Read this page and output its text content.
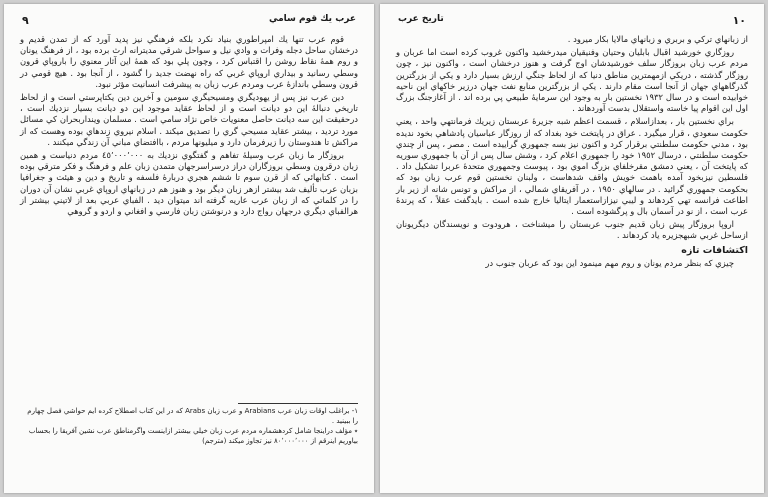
٩	عرب يك قوم سامي

قوم عرب تنها يك امپراطوري بنياد نكرد بلكه فرهنگي نيز پديد آورد كه از تمدن قديم و درخشان ساحل دجله وفرات و وادي نيل و سواحل شرقي مديترانه ارث برده بود ، از فرهنگ يونان و روم همهٔ نقاط روشن را اقتباس كرد ، وچون پلي بود كه همهٔ اين آثار معنوي را باروپاي قرون وسطي رسانيد و بيداري اروپاي غربي كه راه نهضت جديد را گشود ، از آنجا بود . هيچ قومي در قرون وسطي باندازهٔ عرب ومردم عرب زبان به پيشرفت انسانيت مؤثر نبود.

دين عرب نيز پس از يهوديگري ومسيحيگري سومين و آخرين دين يكتاپرستي است و از لحاظ تاريخي دنبالهٔ اين دو ديانت است و از لحاظ عقايد موجود اين دو ديانت بسيار نزديك است ، درحقيقت اين سه ديانت حاصل معنويات خاص نژاد سامي است . مسلمان وينداربحران كي مسائل مورد ترديد ، بيشتر عقايد مسيحي گري را تصديق ميكند . اسلام نيروي زندهاي بوده وهست كه از مراكش تا هندوستان را زيرفرمان دارد و ميليونها مردم ، باافتضاي مباني آن زندگي ميكنند .

بروزگار ما زبان عرب وسيلهٔ تفاهم و گفتگوي نزديك به ٤٥٬٠٠٠٬٠٠٠ مردم دنياست و همين زبان درقرون وسطي بروزگاران دراز درسراسرجهان متمدن زبان علم و فرهنگ و فكر مترقي بوده است . كتابهائي كه از قرن سوم تا ششم هجري دربارهٔ فلسفه و تاريخ و دين و هيئت و جغرافيا بزبان عرب تأليف شد بيشتر ازهر زبان ديگر بود و هنوز هم در زبانهاي اروپاي غربي نشان آن دوران را در كلماتي كه از زبان عرب عاريه گرفته اند ميتوان ديد . الفباي عربي بعد از لاتيني بيشتر از هرالفباي ديگري درجهان رواج دارد و درنوشتن زبان فارسي و افغاني و اردو و گروهي

١- براغلب اوقات زبان عرب Arabians و عرب زبان Arabs كه در اين كتاب اصطلاح كرده ايم حواشي فصل چهارم را ببينيد .

٭ مؤلف دراينجا شامل كردهشماره مردم عرب زبان خيلي بيشتر ازاينست واگرمناطق عرب نشين آفريقا را بحساب بياوريم اينرقم از ٨٠٬٠٠٠٬٠٠٠ نيز تجاوز ميكند (مترجم)

١٠
تاريخ عرب

از زبانهاي تركي و بربري و زبانهاي مالايا بكار ميرود .

روزگاري خورشيد اقبال بابليان وحتيان وفنيقيان ميدرخشيد واكنون غروب كرده است اما عربان و مردم عرب زبان بروزگار سلف خورشيدشان اوج گرفت و هنوز درخشان است ، واكنون نيز ، چون روزگار گذشته ، دريكي ازمهمترين مناطق دنيا كه از لحاظ جنگي ارزش بسيار دارد و يكي از بزرگترين گذرگاههاي جهان از آنجا است مقام دارند . يكي از بزرگترين منابع نفت جهان درزير خاكهاي اين ناحيه خوابيده است و در سال ١٩٣٢ نخستين بار به وجود اين سرمايهٔ طبيعي پي برده اند . از آغازجنگ بزرگ اول اين اقوام پيا خاسته واستقلال بدست آوردهاند .

براي نخستين بار ، بعدازاسلام ، قسمت اعظم شبه جزيرهٔ عربستان زيريك فرمانتهي واحد ، يعني حكومت سعودي ، قرار ميگيرد . عراق در پايتخت خود بغداد كه از روزگار عباسيان پادشاهي بخود نديده بود ، مدني حكومت سلطنتي برقرار كرد و اكنون نيز بسه جمهوري گراييده است . مصر ، پس از چندي حكومت سلطنتي ، درسال ١٩٥٢ خود را جمهوري اعلام كرد ، وشش سال پس از آن با جمهوري سوريه كه پايتخت آن ، يعني دمشق مقرخلفاي بزرگ اموي بود ، پيوست وجمهوري متحدهٔ عربرا تشكيل داد . فلسطين نيزبخود آمده باهمت خويش واقف شدهاست ، ولبنان نخستين قوم عرب زبان بود كه بحكومت جمهوري گرائيد . در سالهاي ١٩٥٠ ، در آفريقاي شمالي ، از مراكش و تونس شانه از زير بار اطاعت فرانسه تهي كردهاند و ليبي نيزازاستعمار ايتاليا خارج شده است . بايدگفت عقلاً ، كه پرندهٔ عرب است ، از نو در آسمان بال و پرگشوده است .

اروپا بروزگار پيش زبان قديم جنوب عربستان را ميشناخت ، هرودوت و نويسندگان ديگريونان ازساحل غربي شبهجزيره ياد كردهاند .

اكتشافات تازه

چيزي كه بنظر مردم يونان و روم مهم مينمود اين بود كه عربان جنوب در
